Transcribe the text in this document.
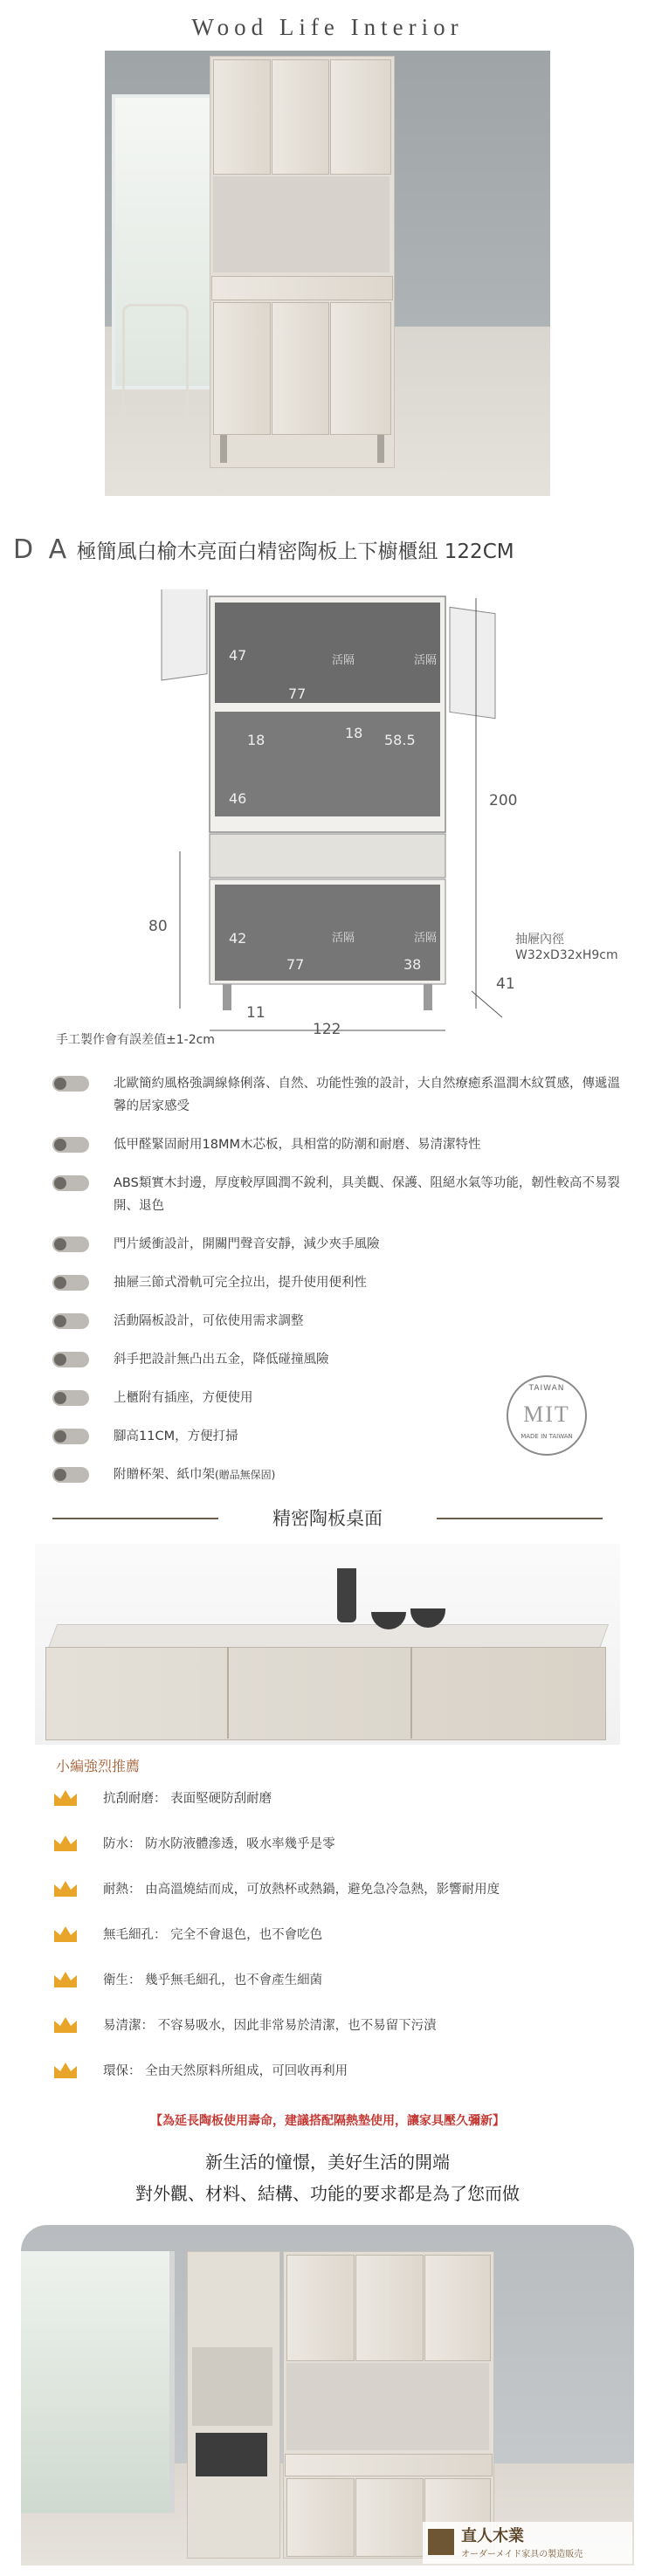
Wood Life Interior
D A 極簡風白榆木亮面白精密陶板上下櫥櫃組 122CM
47	活隔	活隔
77
18	18 58.5
46
42	活隔	活隔
77	38
200
80
11
41
122
抽屜內徑
W32xD32xH9cm
手工製作會有誤差值±1-2cm
北歐簡約風格強調線條俐落、自然、功能性強的設計，大自然療癒系溫潤木紋質感，傳遞溫馨的居家感受
低甲醛緊固耐用18MM木芯板，具相當的防潮和耐磨、易清潔特性
ABS類實木封邊，厚度較厚圓潤不銳利，具美觀、保護、阻絕水氣等功能，韌性較高不易裂開、退色
門片緩衝設計，開關門聲音安靜，減少夾手風險
抽屜三節式滑軌可完全拉出，提升使用便利性
活動隔板設計，可依使用需求調整
斜手把設計無凸出五金，降低碰撞風險
上櫃附有插座，方便使用
腳高11CM，方便打掃
附贈杯架、紙巾架(贈品無保固)
TAIWAN
MIT
MADE IN TAIWAN
精密陶板桌面
小編強烈推薦
抗刮耐磨： 表面堅硬防刮耐磨
防水： 防水防液體滲透，吸水率幾乎是零
耐熱： 由高溫燒結而成，可放熱杯或熱鍋，避免急冷急熱，影響耐用度
無毛細孔： 完全不會退色，也不會吃色
衛生： 幾乎無毛細孔，也不會產生細菌
易清潔： 不容易吸水，因此非常易於清潔，也不易留下污漬
環保： 全由天然原料所組成，可回收再利用
【為延長陶板使用壽命，建議搭配隔熱墊使用，讓家具壓久彌新】
新生活的憧憬，美好生活的開端
對外觀、材料、結構、功能的要求都是為了您而做
直人木業
オーダーメイド家具の製造販売
